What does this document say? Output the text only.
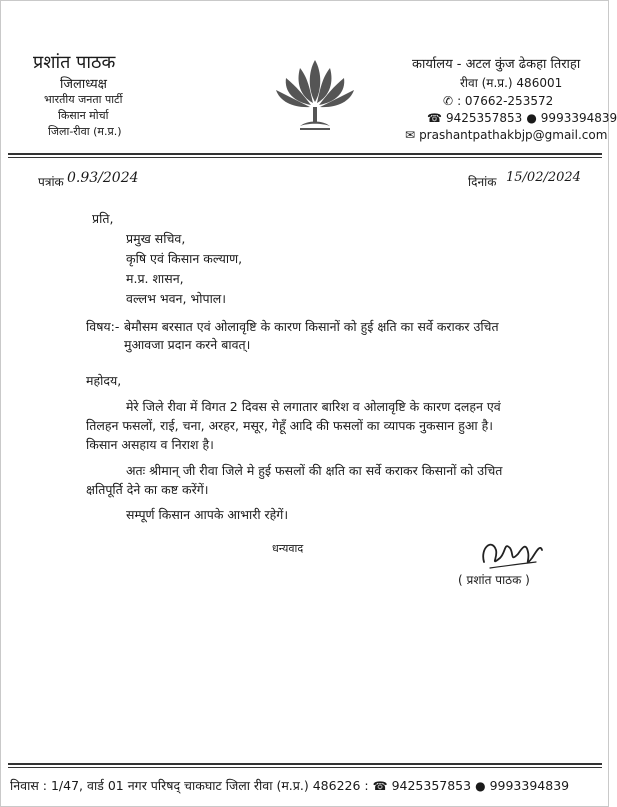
प्रशांत पाठक
जिलाध्यक्ष
भारतीय जनता पार्टी
किसान मोर्चा
जिला-रीवा (म.प्र.)
कार्यालय - अटल कुंज ढेकहा तिराहा
रीवा (म.प्र.) 486001
✆ : 07662-253572
☎ 9425357853 ● 9993394839
✉ prashantpathakbjp@gmail.com
पत्रांक 0.93/2024	दिनांक 15/02/2024
प्रति,
प्रमुख सचिव,
कृषि एवं किसान कल्याण,
म.प्र. शासन,
वल्लभ भवन, भोपाल।
विषय:- बेमौसम बरसात एवं ओलावृष्टि के कारण किसानों को हुई क्षति का सर्वे कराकर उचित
मुआवजा प्रदान करने बावत्।
महोदय,
मेरे जिले रीवा में विगत 2 दिवस से लगातार बारिश व ओलावृष्टि के कारण दलहन एवं
तिलहन फसलों, राई, चना, अरहर, मसूर, गेहूँ आदि की फसलों का व्यापक नुकसान हुआ है।
किसान असहाय व निराश है।
अतः श्रीमान् जी रीवा जिले मे हुई फसलों की क्षति का सर्वे कराकर किसानों को उचित
क्षतिपूर्ति देने का कष्ट करेंगें।
सम्पूर्ण किसान आपके आभारी रहेगें।
धन्यवाद
( प्रशांत पाठक )
निवास : 1/47, वार्ड 01 नगर परिषद् चाकघाट जिला रीवा (म.प्र.) 486226 : ☎ 9425357853 ● 9993394839
